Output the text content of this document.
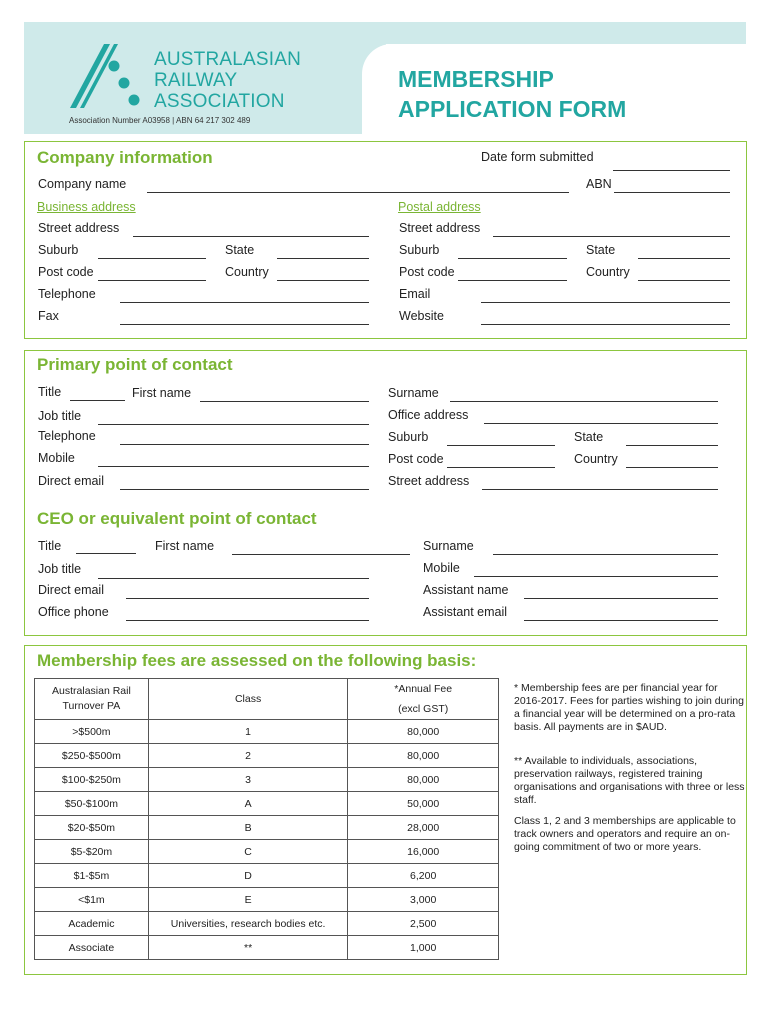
AUSTRALASIAN
RAILWAY
ASSOCIATION
Association Number A03958 | ABN 64 217 302 489
MEMBERSHIP
APPLICATION FORM
Company information	Date form submitted
Company name	ABN
Business address	Postal address
Street address	Street address
Suburb	State	Suburb	State
Post code	Country	Post code	Country
Telephone	Email
Fax	Website
Primary point of contact
Title	First name	Surname
Job title	Office address
Telephone	Suburb	State
Mobile	Post code	Country
Direct email	Street address
CEO or equivalent point of contact
Title	First name	Surname
Job title	Mobile
Direct email	Assistant name
Office phone	Assistant email
Membership fees are assessed on the following basis:
Australasian Rail Turnover PA	Class	*Annual Fee
(excl GST)

>$500m	1	80,000
$250-$500m	2	80,000
$100-$250m	3	80,000
$50-$100m	A	50,000
$20-$50m	B	28,000
$5-$20m	C	16,000
$1-$5m	D	6,200
<$1m	E	3,000
Academic	Universities, research bodies etc.	2,500
Associate	**	1,000
* Membership fees are per financial year for 2016-2017. Fees for parties wishing to join during a financial year will be determined on a pro-rata basis. All payments are in $AUD.
** Available to individuals, associations, preservation railways, registered training organisations and organisations with three or less staff.
Class 1, 2 and 3 memberships are applicable to track owners and operators and require an on-going commitment of two or more years.
